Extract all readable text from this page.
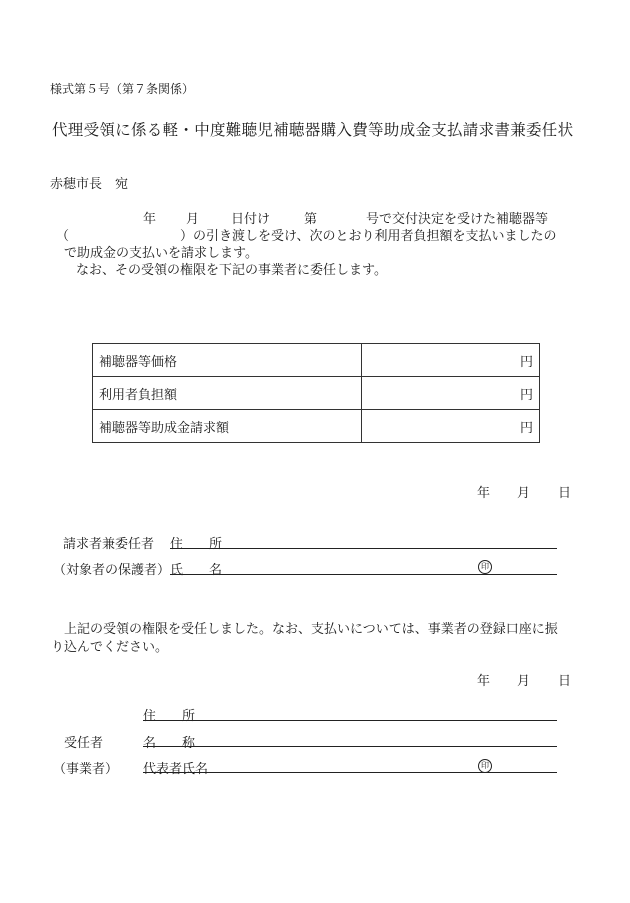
様式第５号（第７条関係）
代理受領に係る軽・中度難聴児補聴器購入費等助成金支払請求書兼委任状
赤穂市長　宛
年 月 日付け	第	号で交付決定を受けた補聴器等
（	）の引き渡しを受け、次のとおり利用者負担額を支払いましたの
で助成金の支払いを請求します。
なお、その受領の権限を下記の事業者に委任します。
補聴器等価格	円
利用者負担額	円
補聴器等助成金請求額	円
年 月 日
請求者兼委任者 住　　所
（対象者の保護者） 氏　　名	印
上記の受領の権限を受任しました。なお、支払いについては、事業者の登録口座に振
り込んでください。
年 月 日
住　　所
受任者	名　　称
（事業者） 代表者氏名	印
